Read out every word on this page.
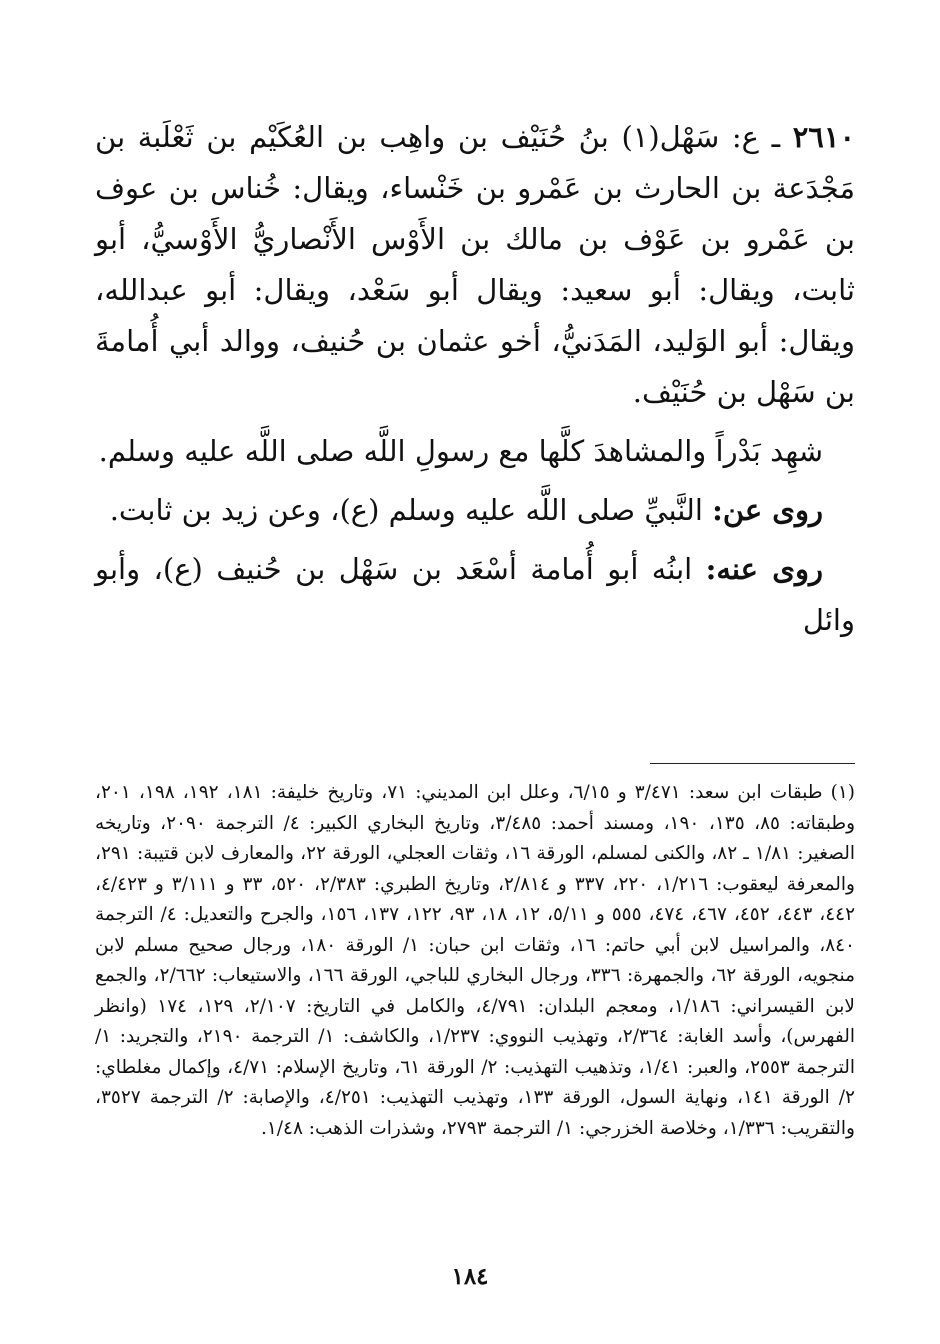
٢٦١٠ ـ ع: سَهْل(١) بنُ حُنَيْف بن واهِب بن العُكَيْم بن ثَعْلَبة بن مَجْدَعة بن الحارث بن عَمْرو بن خَنْساء، ويقال: خُناس بن عوف بن عَمْرو بن عَوْف بن مالك بن الأَوْس الأَنْصاريُّ الأَوْسيُّ، أبو ثابت، ويقال: أبو سعيد: ويقال أبو سَعْد، ويقال: أبو عبدالله، ويقال: أبو الوَليد، المَدَنيُّ، أخو عثمان بن حُنيف، ووالد أبي أُمامةَ بن سَهْل بن حُنَيْف.

شهِد بَدْراً والمشاهدَ كلَّها مع رسولِ اللَّه صلى اللَّه عليه وسلم.

روى عن: النَّبيِّ صلى اللَّه عليه وسلم (ع)، وعن زيد بن ثابت.

روى عنه: ابنُه أبو أُمامة أسْعَد بن سَهْل بن حُنيف (ع)، وأبو وائل

(١) طبقات ابن سعد: ٣/٤٧١ و ٦/١٥، وعلل ابن المديني: ٧١، وتاريخ خليفة: ١٨١، ١٩٢، ١٩٨، ٢٠١، وطبقاته: ٨٥، ١٣٥، ١٩٠، ومسند أحمد: ٣/٤٨٥، وتاريخ البخاري الكبير: ٤/ الترجمة ٢٠٩٠، وتاريخه الصغير: ١/٨١ ـ ٨٢، والكنى لمسلم، الورقة ١٦، وثقات العجلي، الورقة ٢٢، والمعارف لابن قتيبة: ٢٩١، والمعرفة ليعقوب: ١/٢١٦، ٢٢٠، ٣٣٧ و ٢/٨١٤، وتاريخ الطبري: ٢/٣٨٣، ٥٢٠، ٣٣ و ٣/١١١ و ٤/٤٢٣، ٤٤٢، ٤٤٣، ٤٥٢، ٤٦٧، ٤٧٤، ٥٥٥ و ٥/١١، ١٢، ١٨، ٩٣، ١٢٢، ١٣٧، ١٥٦، والجرح والتعديل: ٤/ الترجمة ٨٤٠، والمراسيل لابن أبي حاتم: ١٦، وثقات ابن حبان: ١/ الورقة ١٨٠، ورجال صحيح مسلم لابن منجويه، الورقة ٦٢، والجمهرة: ٣٣٦، ورجال البخاري للباجي، الورقة ١٦٦، والاستيعاب: ٢/٦٦٢، والجمع لابن القيسراني: ١/١٨٦، ومعجم البلدان: ٤/٧٩١، والكامل في التاريخ: ٢/١٠٧، ١٢٩، ١٧٤ (وانظر الفهرس)، وأسد الغابة: ٢/٣٦٤، وتهذيب النووي: ١/٢٣٧، والكاشف: ١/ الترجمة ٢١٩٠، والتجريد: ١/ الترجمة ٢٥٥٣، والعبر: ١/٤١، وتذهيب التهذيب: ٢/ الورقة ٦١، وتاريخ الإسلام: ٤/٧١، وإكمال مغلطاي: ٢/ الورقة ١٤١، ونهاية السول، الورقة ١٣٣، وتهذيب التهذيب: ٤/٢٥١، والإصابة: ٢/ الترجمة ٣٥٢٧، والتقريب: ١/٣٣٦، وخلاصة الخزرجي: ١/ الترجمة ٢٧٩٣، وشذرات الذهب: ١/٤٨.

١٨٤
